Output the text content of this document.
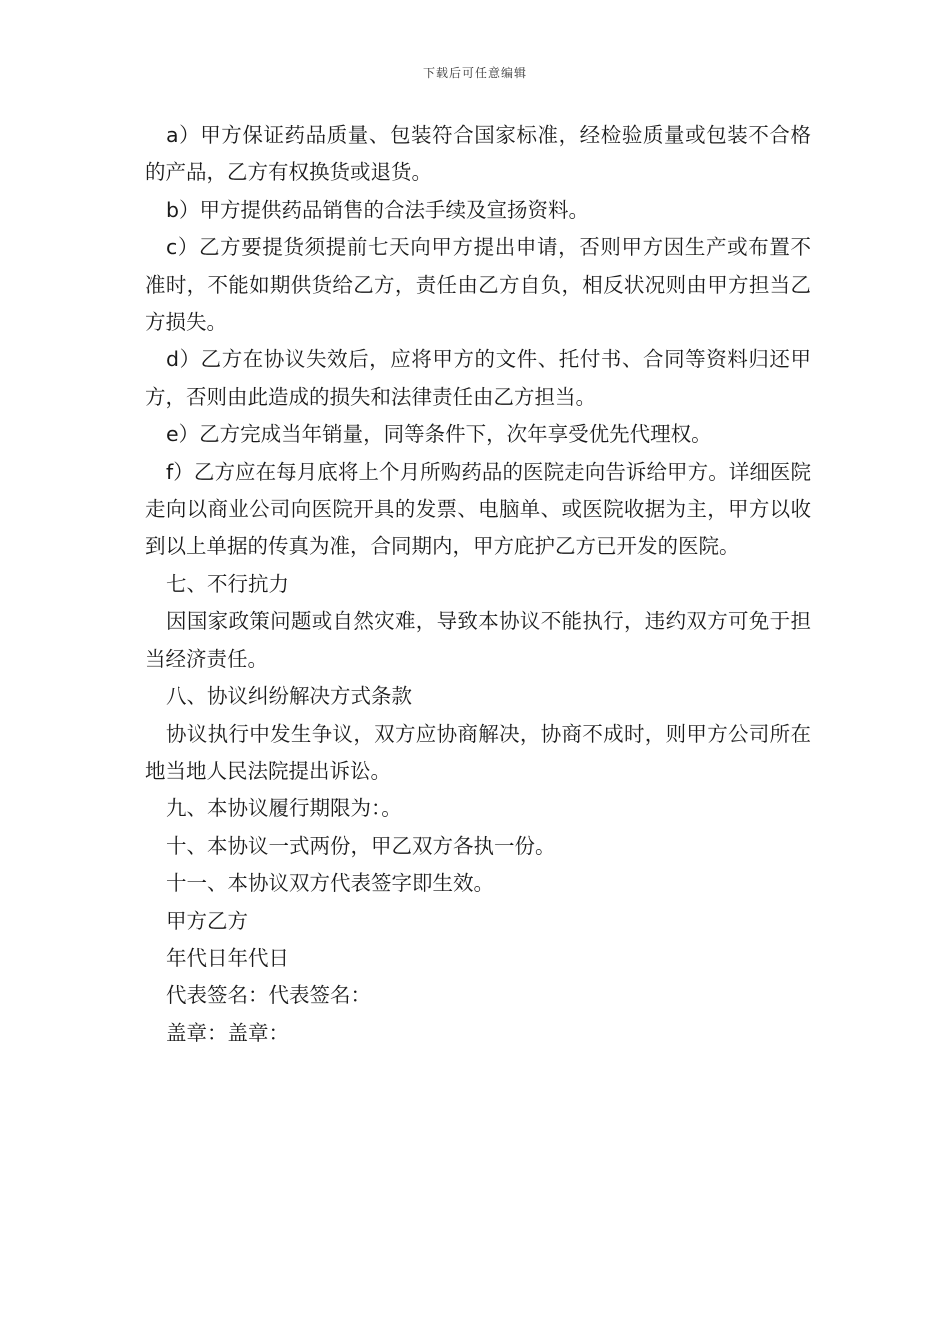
下载后可任意编辑

a）甲方保证药品质量、包装符合国家标准，经检验质量或包装不合格的产品，乙方有权换货或退货。

b）甲方提供药品销售的合法手续及宣扬资料。

c）乙方要提货须提前七天向甲方提出申请，否则甲方因生产或布置不准时，不能如期供货给乙方，责任由乙方自负，相反状况则由甲方担当乙方损失。

d）乙方在协议失效后，应将甲方的文件、托付书、合同等资料归还甲方，否则由此造成的损失和法律责任由乙方担当。

e）乙方完成当年销量，同等条件下，次年享受优先代理权。

f）乙方应在每月底将上个月所购药品的医院走向告诉给甲方。详细医院走向以商业公司向医院开具的发票、电脑单、或医院收据为主，甲方以收到以上单据的传真为准，合同期内，甲方庇护乙方已开发的医院。

七、不行抗力

因国家政策问题或自然灾难，导致本协议不能执行，违约双方可免于担当经济责任。

八、协议纠纷解决方式条款

协议执行中发生争议，双方应协商解决，协商不成时，则甲方公司所在地当地人民法院提出诉讼。

九、本协议履行期限为：。

十、本协议一式两份，甲乙双方各执一份。

十一、本协议双方代表签字即生效。

甲方乙方

年代日年代日

代表签名：代表签名：

盖章：盖章：
